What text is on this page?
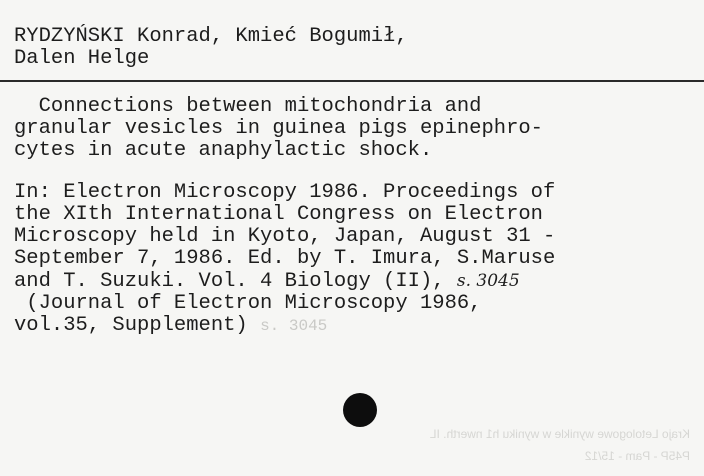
RYDZYŃSKI Konrad, Kmieć Bogumił,
Dalen Helge
Connections between mitochondria and
granular vesicles in guinea pigs epinephro-
cytes in acute anaphylactic shock.
In: Electron Microscopy 1986. Proceedings of
the XIth International Congress on Electron
Microscopy held in Kyoto, Japan, August 31 -
September 7, 1986. Ed. by T. Imura, S.Maruse
and T. Suzuki. Vol. 4 Biology (II), s. 3045
(Journal of Electron Microscopy 1986,
vol.35, Supplement) s. 3045
Krajo Letologowe wynikle w wyniku h1 nwerth. IL
P45P - Pam - 15/12
